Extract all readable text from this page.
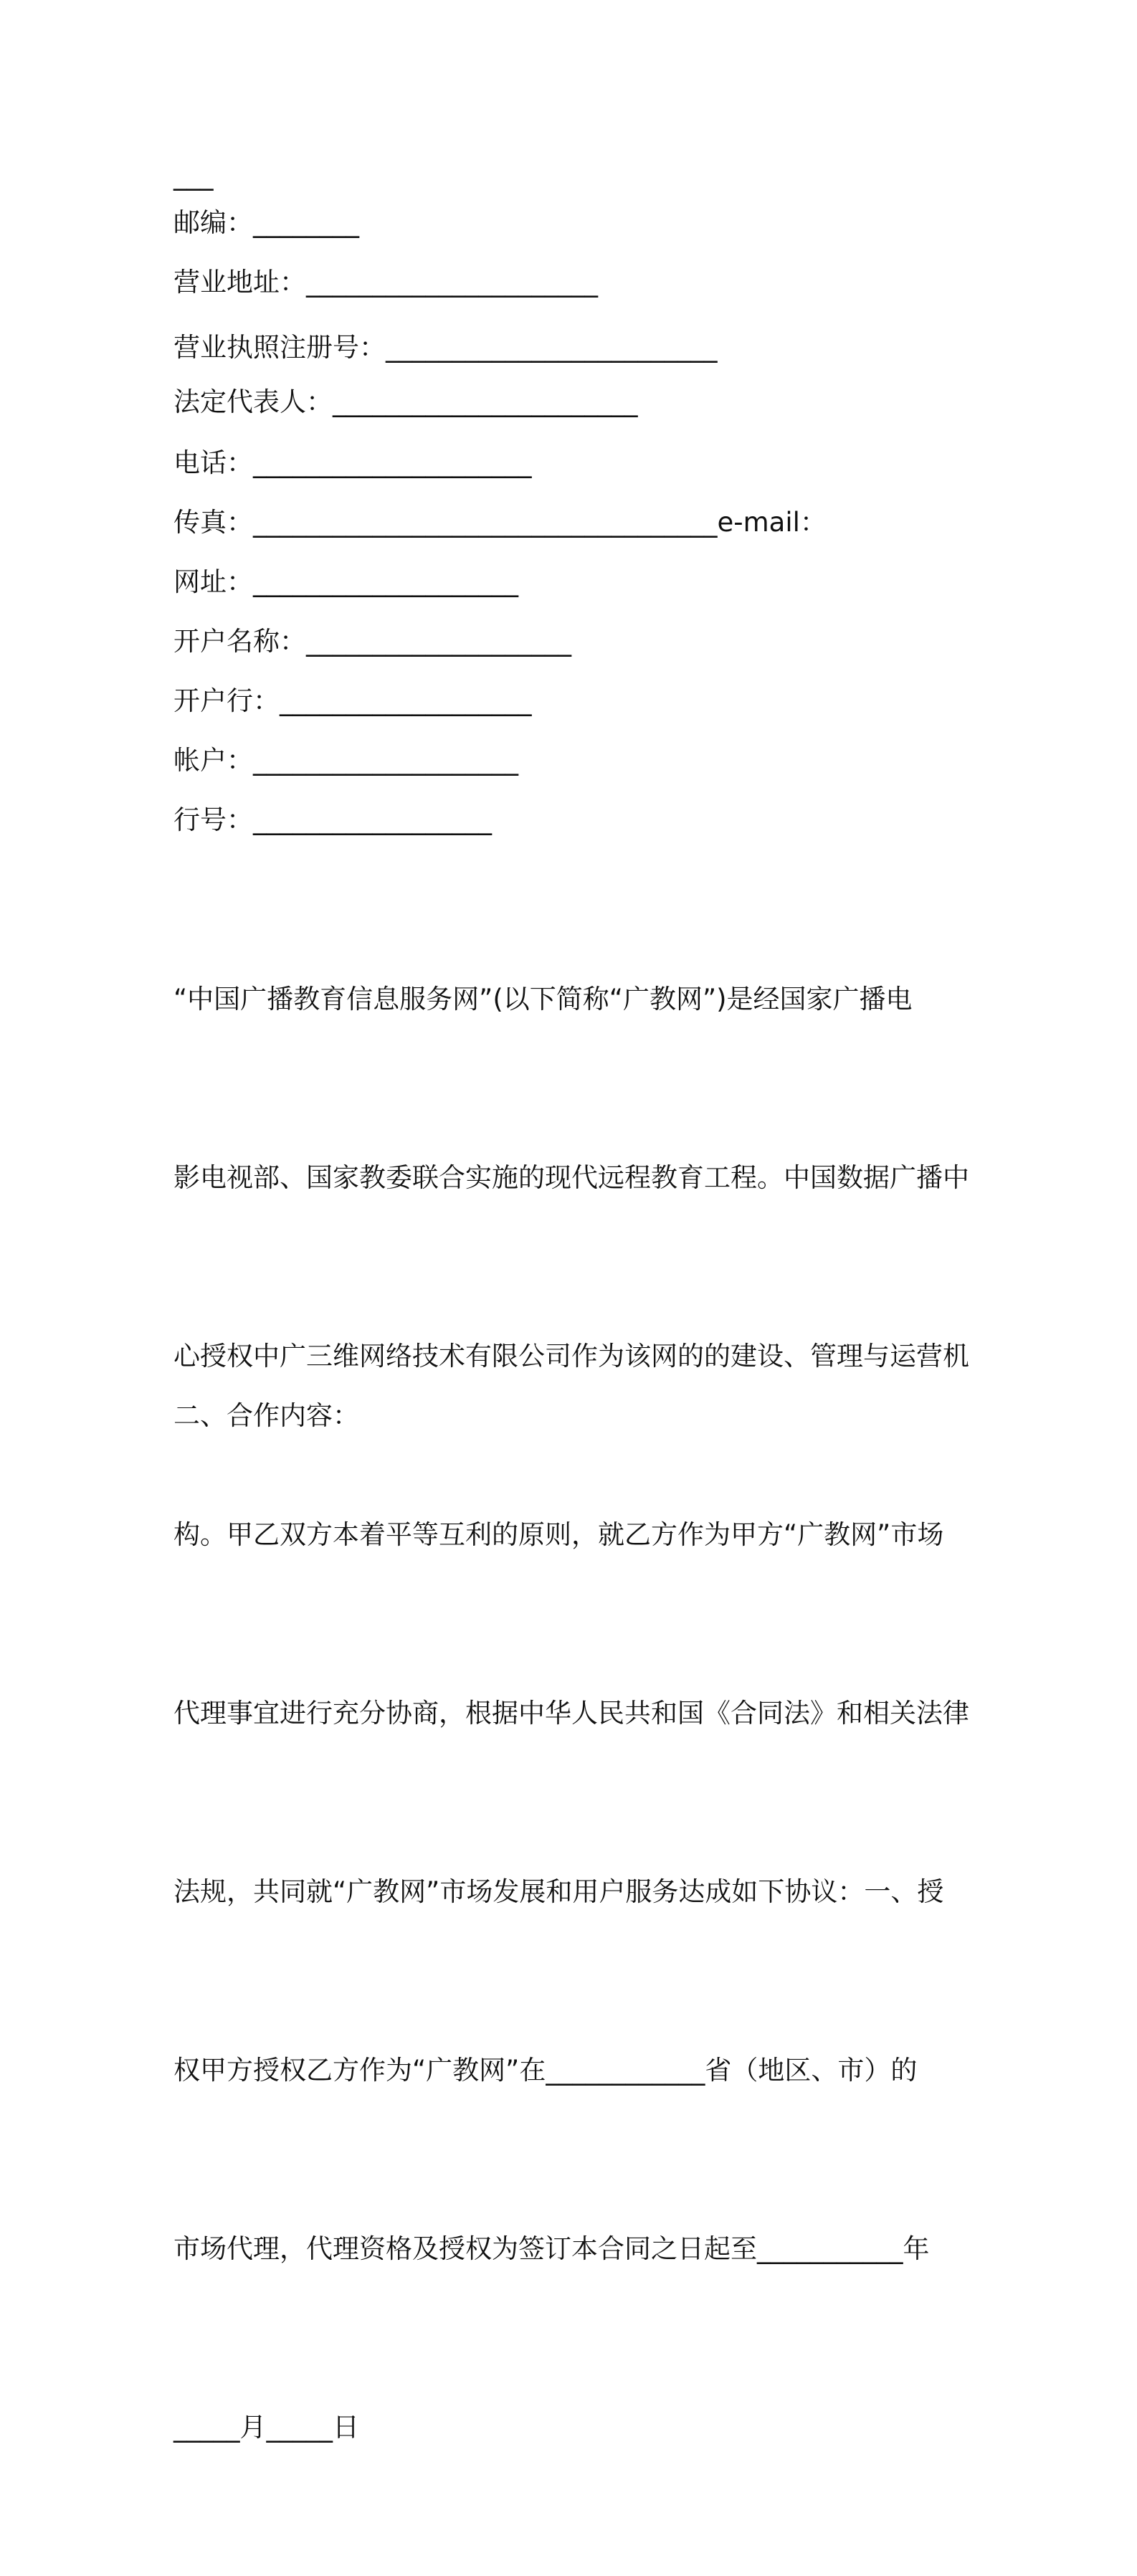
___
邮编：________
营业地址：______________________
营业执照注册号：_________________________
法定代表人：_______________________
电话：_____________________
传真：___________________________________e-mail：
网址：____________________
开户名称：____________________
开户行：___________________
帐户：____________________
行号：__________________

“中国广播教育信息服务网”(以下简称“广教网”)是经国家广播电

影电视部、国家教委联合实施的现代远程教育工程。中国数据广播中

心授权中广三维网络技术有限公司作为该网的的建设、管理与运营机

构。甲乙双方本着平等互利的原则，就乙方作为甲方“广教网”市场

代理事宜进行充分协商，根据中华人民共和国《合同法》和相关法律

法规，共同就“广教网”市场发展和用户服务达成如下协议：一、授

权甲方授权乙方作为“广教网”在____________省（地区、市）的

市场代理，代理资格及授权为签订本合同之日起至___________年

_____月_____日

二、合作内容：
